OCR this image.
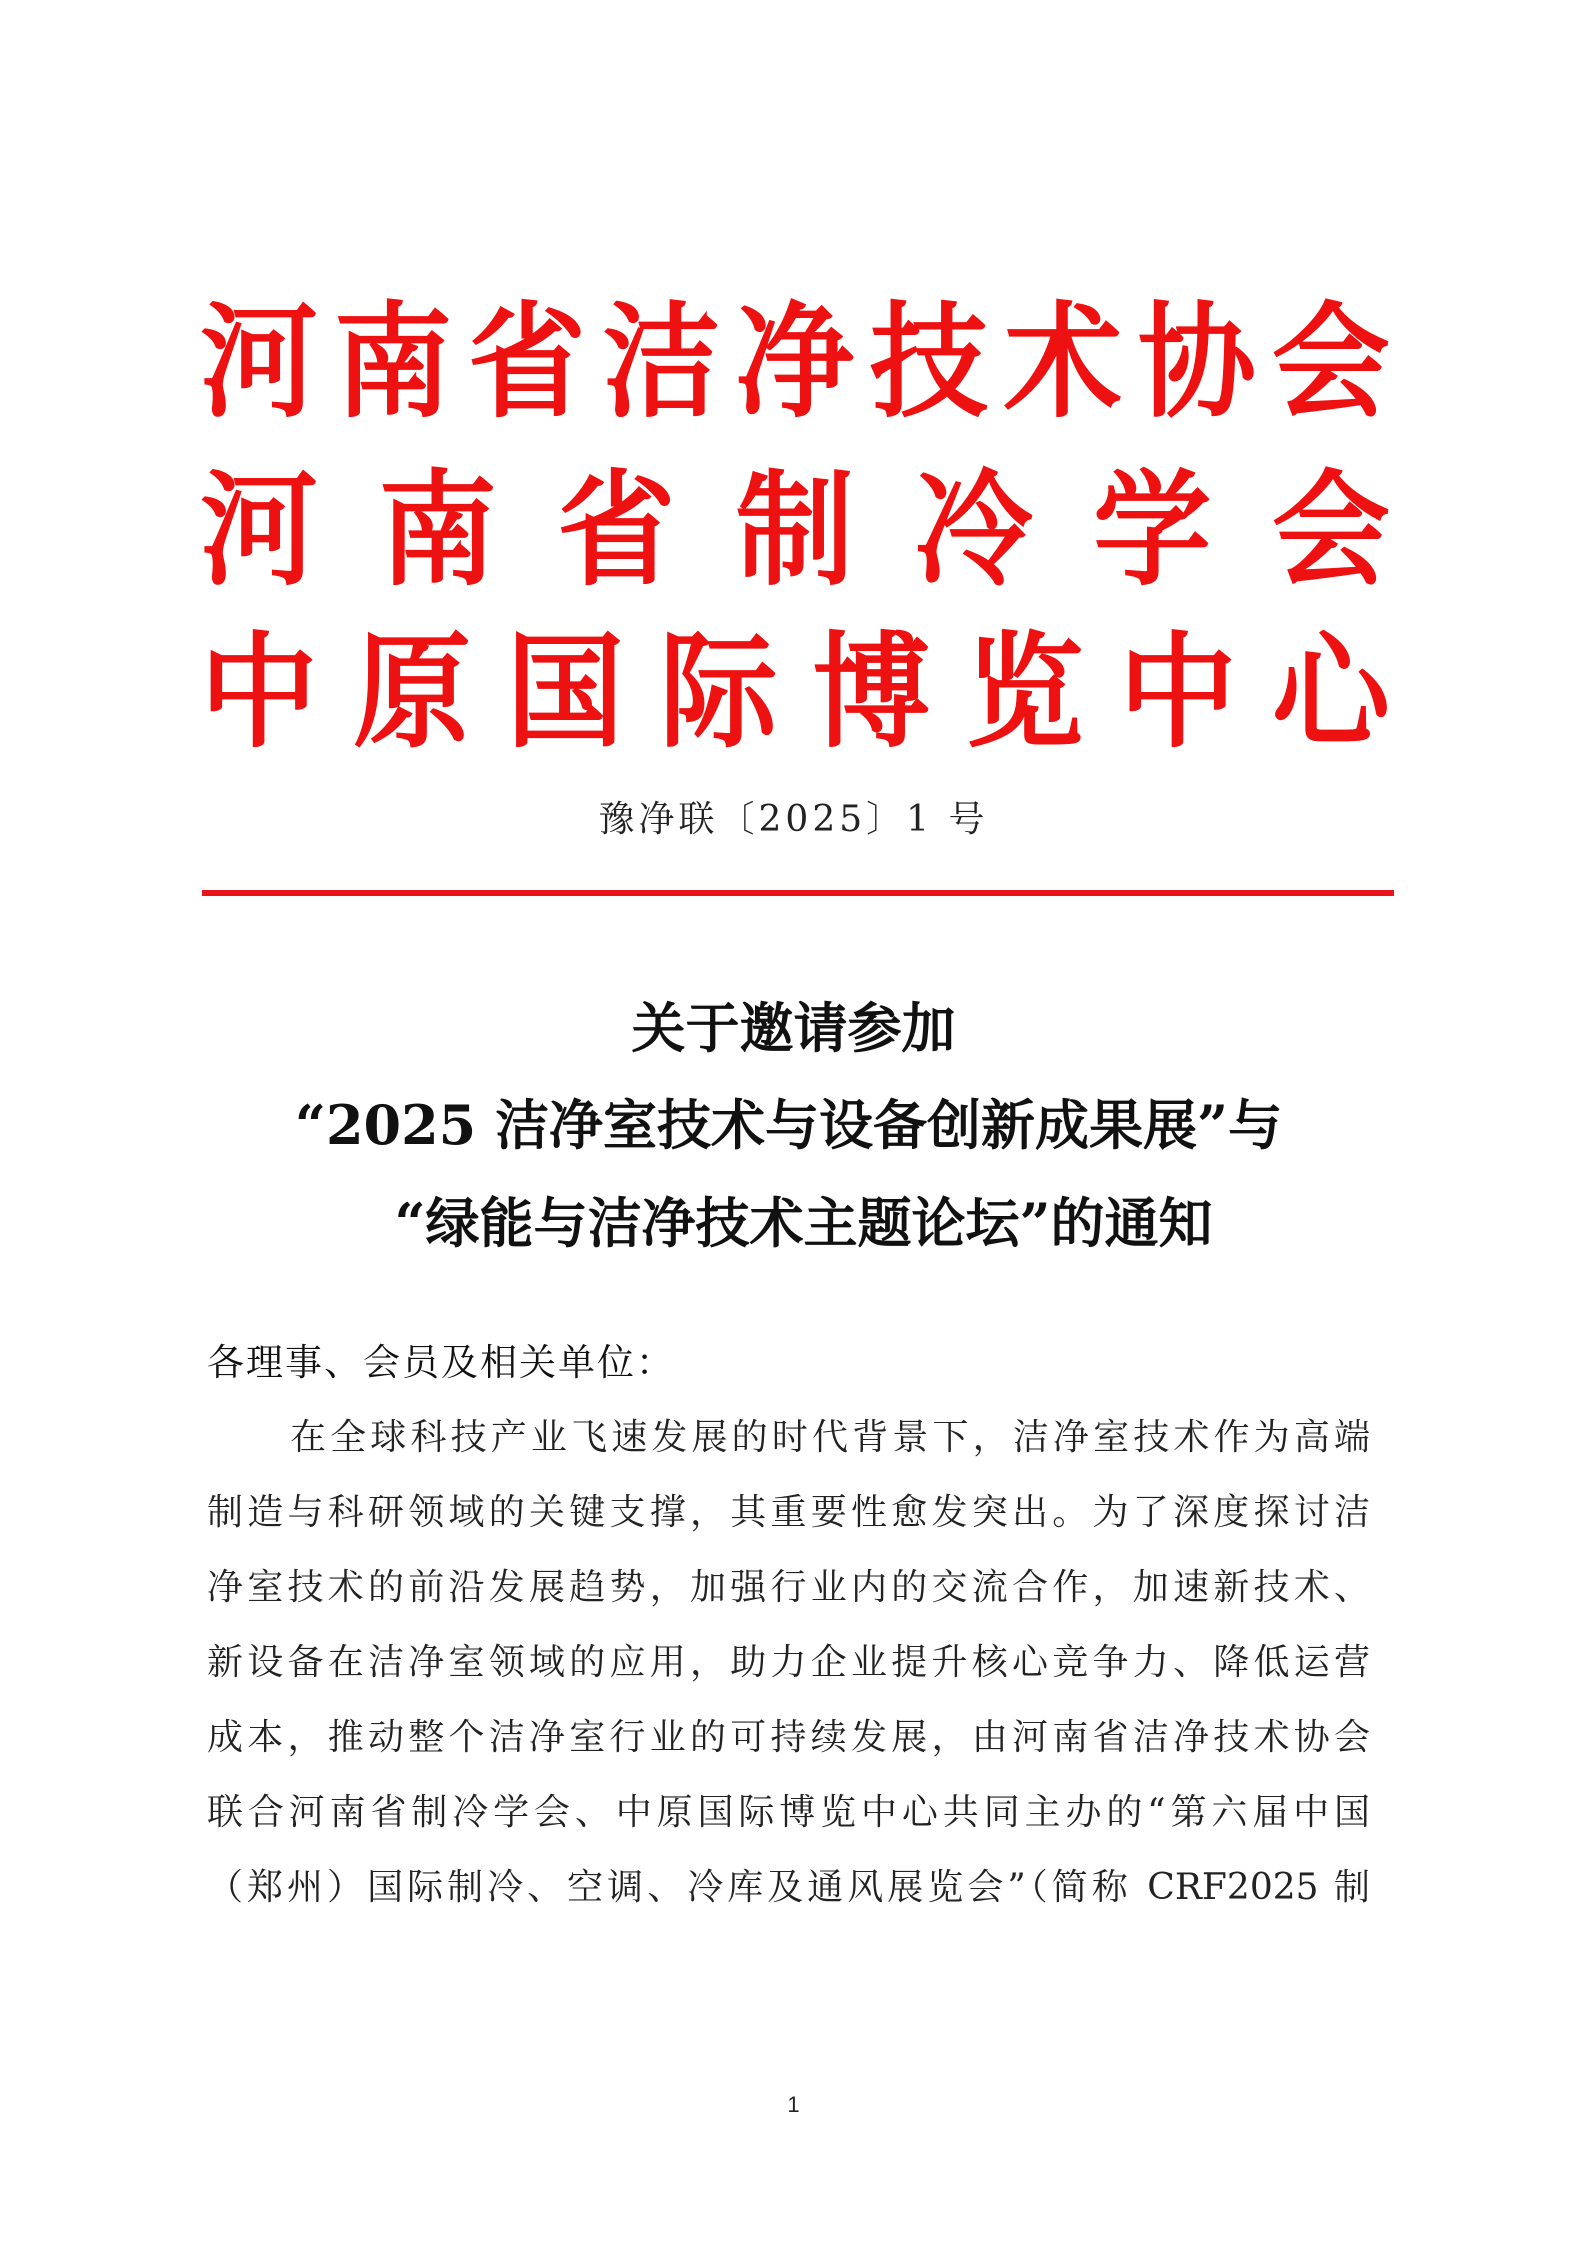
河 南 省 洁 净 技 术 协 会
河 南 省 制 冷 学 会
中 原 国 际 博 览 中 心
豫净联〔2025〕1 号
关于邀请参加
“2025 洁净室技术与设备创新成果展”与
“绿能与洁净技术主题论坛”的通知
各理事、会员及相关单位：
在全球科技产业飞速发展的时代背景下，洁净室技术作为高端
制造与科研领域的关键支撑，其重要性愈发突出。为了深度探讨洁
净室技术的前沿发展趋势，加强行业内的交流合作，加速新技术、
新设备在洁净室领域的应用，助力企业提升核心竞争力、降低运营
成本，推动整个洁净室行业的可持续发展，由河南省洁净技术协会
联合河南省制冷学会、中原国际博览中心共同主办的“第六届中国
（郑州）国际制冷、空调、冷库及通风展览会”（简称 CRF2025 制
1
